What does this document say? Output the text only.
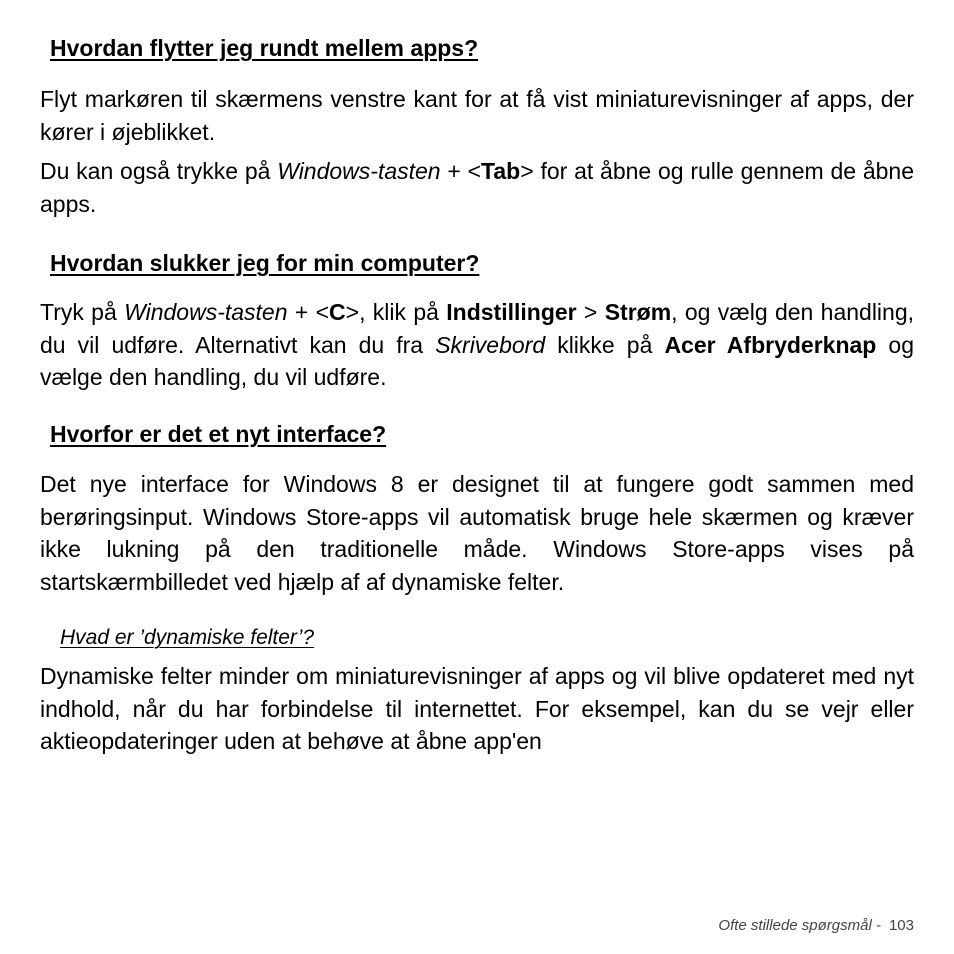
Hvordan flytter jeg rundt mellem apps?

Flyt markøren til skærmens venstre kant for at få vist miniaturevisninger af apps, der kører i øjeblikket.

Du kan også trykke på Windows-tasten + <Tab> for at åbne og rulle gennem de åbne apps.

Hvordan slukker jeg for min computer?

Tryk på Windows-tasten + <C>, klik på Indstillinger > Strøm, og vælg den handling, du vil udføre. Alternativt kan du fra Skrivebord klikke på Acer Afbryderknap og vælge den handling, du vil udføre.

Hvorfor er det et nyt interface?

Det nye interface for Windows 8 er designet til at fungere godt sammen med berøringsinput. Windows Store-apps vil automatisk bruge hele skærmen og kræver ikke lukning på den traditionelle måde. Windows Store-apps vises på startskærmbilledet ved hjælp af af dynamiske felter.

Hvad er ’dynamiske felter’?

Dynamiske felter minder om miniaturevisninger af apps og vil blive opdateret med nyt indhold, når du har forbindelse til internettet. For eksempel, kan du se vejr eller aktieopdateringer uden at behøve at åbne app'en

Ofte stillede spørgsmål - 103
